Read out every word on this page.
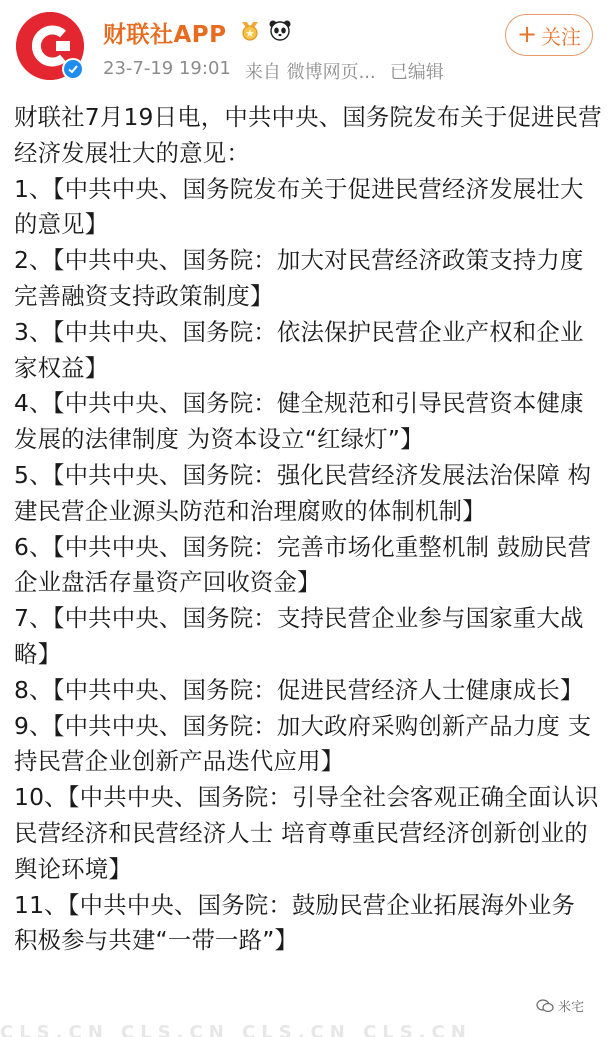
财联社APP
23-7-19 19:01 来自 微博网页... 已编辑
+ 关注

财联社7月19日电，中共中央、国务院发布关于促进民营经济发展壮大的意见：

1、【中共中央、国务院发布关于促进民营经济发展壮大的意见】

2、【中共中央、国务院：加大对民营经济政策支持力度 完善融资支持政策制度】

3、【中共中央、国务院：依法保护民营企业产权和企业家权益】

4、【中共中央、国务院：健全规范和引导民营资本健康发展的法律制度 为资本设立“红绿灯”】

5、【中共中央、国务院：强化民营经济发展法治保障 构建民营企业源头防范和治理腐败的体制机制】

6、【中共中央、国务院：完善市场化重整机制 鼓励民营企业盘活存量资产回收资金】

7、【中共中央、国务院：支持民营企业参与国家重大战略】

8、【中共中央、国务院：促进民营经济人士健康成长】

9、【中共中央、国务院：加大政府采购创新产品力度 支持民营企业创新产品迭代应用】

10、【中共中央、国务院：引导全社会客观正确全面认识民营经济和民营经济人士 培育尊重民营经济创新创业的舆论环境】

11、【中共中央、国务院：鼓励民营企业拓展海外业务 积极参与共建“一带一路”】

CLS.CN CLS.CN CLS.CN CLS.CN
米宅
